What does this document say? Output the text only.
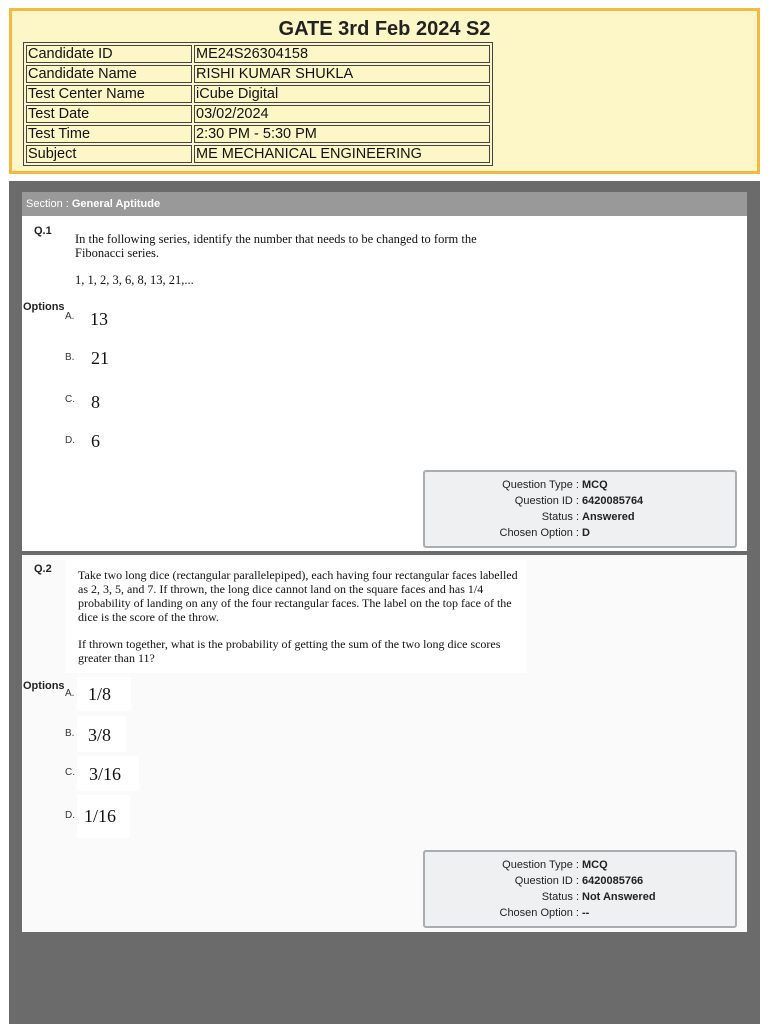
GATE 3rd Feb 2024 S2
Candidate ID	ME24S26304158
Candidate Name	RISHI KUMAR SHUKLA
Test Center Name	iCube Digital
Test Date	03/02/2024
Test Time	2:30 PM - 5:30 PM
Subject	ME MECHANICAL ENGINEERING
Section : General Aptitude
Q.1
In the following series, identify the number that needs to be changed to form the Fibonacci series.
1, 1, 2, 3, 6, 8, 13, 21,...
Options
A. 13
B. 21
C. 8
D. 6
Question Type : MCQ
Question ID : 6420085764
Status : Answered
Chosen Option : D
Q.2 Take two long dice (rectangular parallelepiped), each having four rectangular faces labelled as 2, 3, 5, and 7. If thrown, the long dice cannot land on the square faces and has 1/4 probability of landing on any of the four rectangular faces. The label on the top face of the dice is the score of the throw.
If thrown together, what is the probability of getting the sum of the two long dice scores greater than 11?
Options
A. 1/8
B. 3/8
C. 3/16
D. 1/16
Question Type : MCQ
Question ID : 6420085766
Status : Not Answered
Chosen Option : --
